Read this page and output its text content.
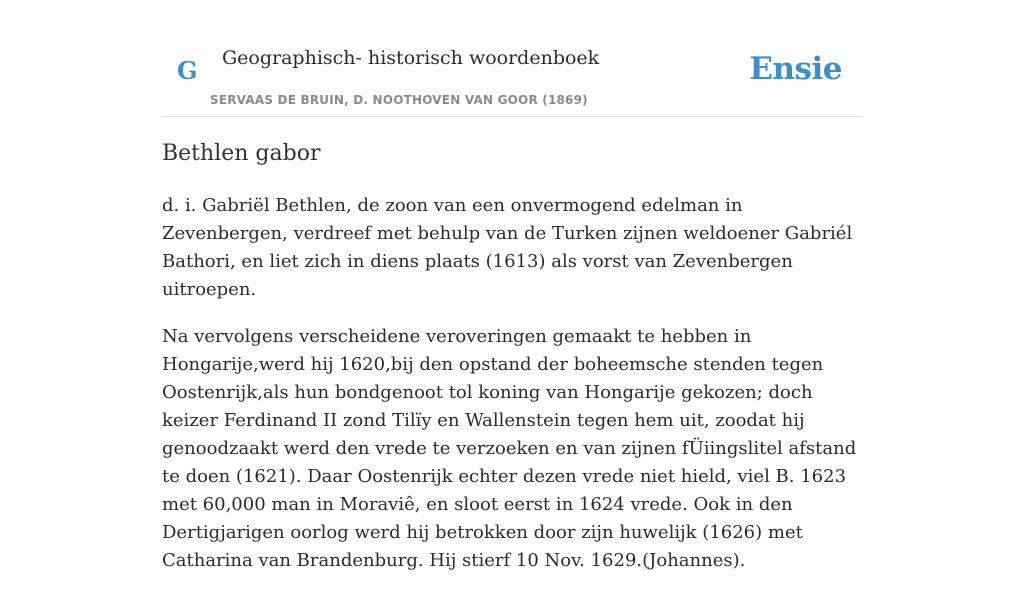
G Geographisch- historisch woordenboek
SERVAAS DE BRUIN, D. NOOTHOVEN VAN GOOR (1869)
Ensie
Bethlen gabor

d. i. Gabriël Bethlen, de zoon van een onvermogend edelman in Zevenbergen, verdreef met behulp van de Turken zijnen weldoener Gabriél Bathori, en liet zich in diens plaats (1613) als vorst van Zevenbergen uitroepen.

Na vervolgens verscheidene veroveringen gemaakt te hebben in Hongarije,werd hij 1620,bij den opstand der boheemsche stenden tegen Oostenrijk,als hun bondgenoot tol koning van Hongarije gekozen; doch keizer Ferdinand II zond Tilïy en Wallenstein tegen hem uit, zoodat hij genoodzaakt werd den vrede te verzoeken en van zijnen fÜiingslitel afstand te doen (1621). Daar Oostenrijk echter dezen vrede niet hield, viel B. 1623 met 60,000 man in Moraviê, en sloot eerst in 1624 vrede. Ook in den Dertigjarigen oorlog werd hij betrokken door zijn huwelijk (1626) met Catharina van Brandenburg. Hij stierf 10 Nov. 1629.(Johannes).
